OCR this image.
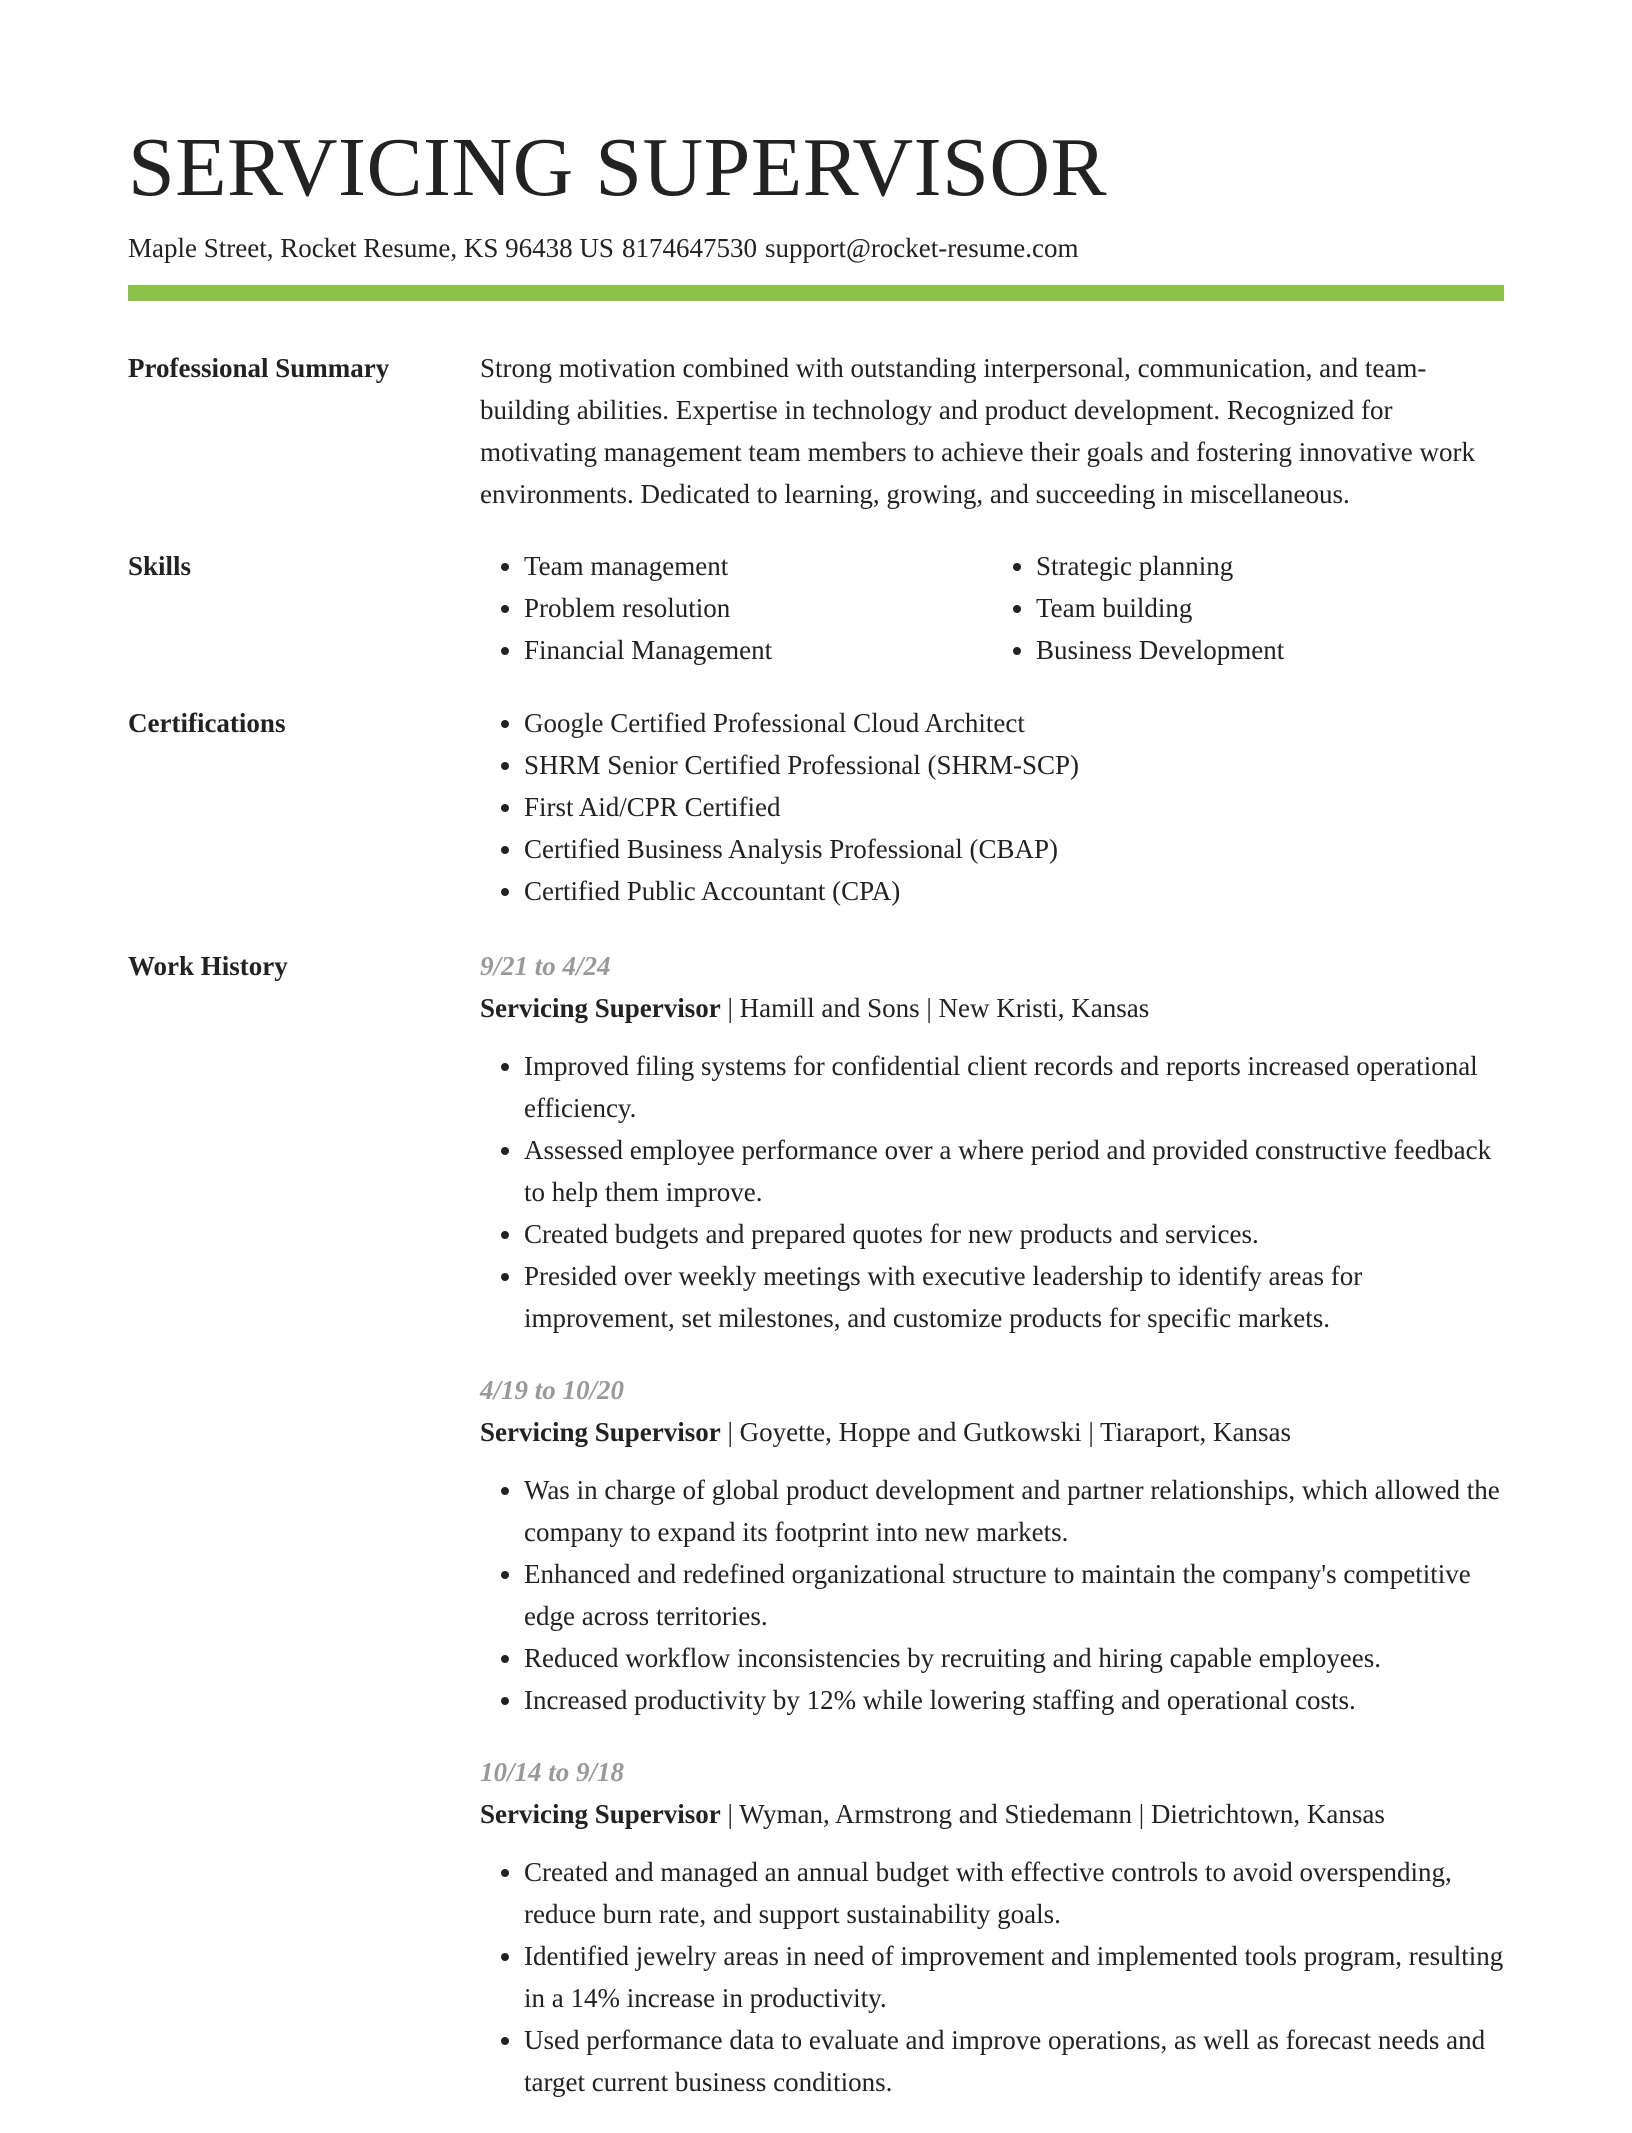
SERVICING SUPERVISOR
Maple Street, Rocket Resume, KS 96438 US 8174647530 support@rocket-resume.com
Professional Summary	Strong motivation combined with outstanding interpersonal, communication, and team-building abilities. Expertise in technology and product development. Recognized for motivating management team members to achieve their goals and fostering innovative work environments. Dedicated to learning, growing, and succeeding in miscellaneous.

Skills	• Team management
• Problem resolution
• Financial Management
• Strategic planning
• Team building
• Business Development
Certifications	• Google Certified Professional Cloud Architect
• SHRM Senior Certified Professional (SHRM-SCP)
• First Aid/CPR Certified
• Certified Business Analysis Professional (CBAP)
• Certified Public Accountant (CPA)
Work History	9/21 to 4/24
Servicing Supervisor | Hamill and Sons | New Kristi, Kansas
• Improved filing systems for confidential client records and reports increased operational efficiency.
• Assessed employee performance over a where period and provided constructive feedback to help them improve.
• Created budgets and prepared quotes for new products and services.
• Presided over weekly meetings with executive leadership to identify areas for improvement, set milestones, and customize products for specific markets.
4/19 to 10/20
Servicing Supervisor | Goyette, Hoppe and Gutkowski | Tiaraport, Kansas
• Was in charge of global product development and partner relationships, which allowed the company to expand its footprint into new markets.
• Enhanced and redefined organizational structure to maintain the company's competitive edge across territories.
• Reduced workflow inconsistencies by recruiting and hiring capable employees.
• Increased productivity by 12% while lowering staffing and operational costs.
10/14 to 9/18
Servicing Supervisor | Wyman, Armstrong and Stiedemann | Dietrichtown, Kansas
• Created and managed an annual budget with effective controls to avoid overspending, reduce burn rate, and support sustainability goals.
• Identified jewelry areas in need of improvement and implemented tools program, resulting in a 14% increase in productivity.
• Used performance data to evaluate and improve operations, as well as forecast needs and target current business conditions.
